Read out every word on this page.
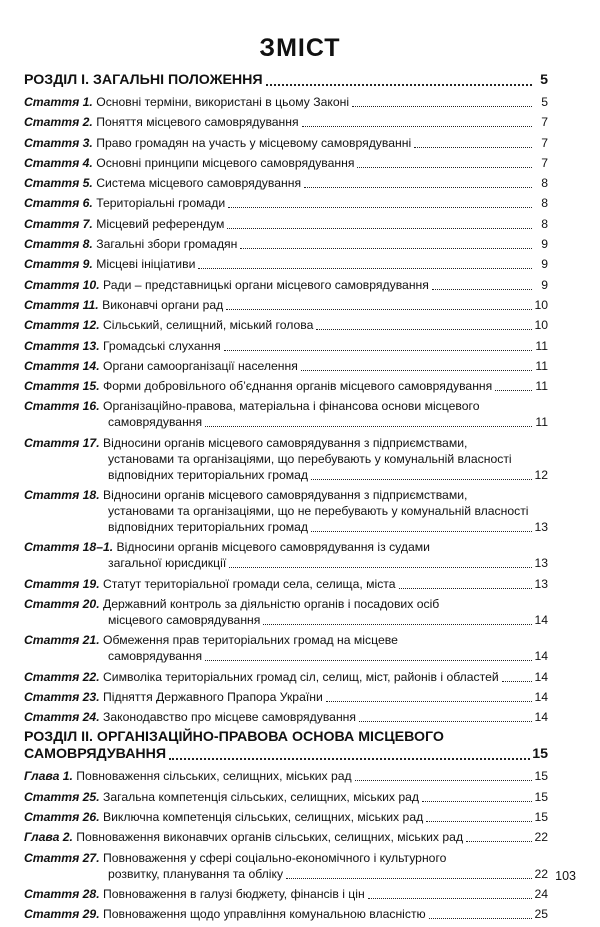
ЗМІСТ
РОЗДІЛ І. ЗАГАЛЬНІ ПОЛОЖЕННЯ	5
Стаття 1. Основні терміни, використані в цьому Законі	5
Стаття 2. Поняття місцевого самоврядування	7
Стаття 3. Право громадян на участь у місцевому самоврядуванні	7
Стаття 4. Основні принципи місцевого самоврядування	7
Стаття 5. Система місцевого самоврядування	8
Стаття 6. Територіальні громади	8
Стаття 7. Місцевий референдум	8
Стаття 8. Загальні збори громадян	9
Стаття 9. Місцеві ініціативи	9
Стаття 10. Ради – представницькі органи місцевого самоврядування	9
Стаття 11. Виконавчі органи рад	10
Стаття 12. Сільський, селищний, міський голова	10
Стаття 13. Громадські слухання	11
Стаття 14. Органи самоорганізації населення	11
Стаття 15. Форми добровільного об’єднання органів місцевого самоврядування	11
Стаття 16. Організаційно-правова, матеріальна і фінансова основи місцевого
самоврядування	11
Стаття 17. Відносини органів місцевого самоврядування з підприємствами,
установами та організаціями, що перебувають у комунальній власності
відповідних територіальних громад	12
Стаття 18. Відносини органів місцевого самоврядування з підприємствами,
установами та організаціями, що не перебувають у комунальній власності
відповідних територіальних громад	13
Стаття 18–1. Відносини органів місцевого самоврядування із судами
загальної юрисдикції	13
Стаття 19. Статут територіальної громади села, селища, міста	13
Стаття 20. Державний контроль за діяльністю органів і посадових осіб
місцевого самоврядування	14
Стаття 21. Обмеження прав територіальних громад на місцеве
самоврядування	14
Стаття 22. Символіка територіальних громад сіл, селищ, міст, районів і областей	14
Стаття 23. Підняття Державного Прапора України	14
Стаття 24. Законодавство про місцеве самоврядування	14
РОЗДІЛ ІІ. ОРГАНІЗАЦІЙНО-ПРАВОВА ОСНОВА МІСЦЕВОГО
САМОВРЯДУВАННЯ	15
Глава 1. Повноваження сільських, селищних, міських рад	15
Стаття 25. Загальна компетенція сільських, селищних, міських рад	15
Стаття 26. Виключна компетенція сільських, селищних, міських рад	15
Глава 2. Повноваження виконавчих органів сільських, селищних, міських рад	22
Стаття 27. Повноваження у сфері соціально-економічного і культурного
розвитку, планування та обліку	22
Стаття 28. Повноваження в галузі бюджету, фінансів і цін	24
Стаття 29. Повноваження щодо управління комунальною власністю	25
103
